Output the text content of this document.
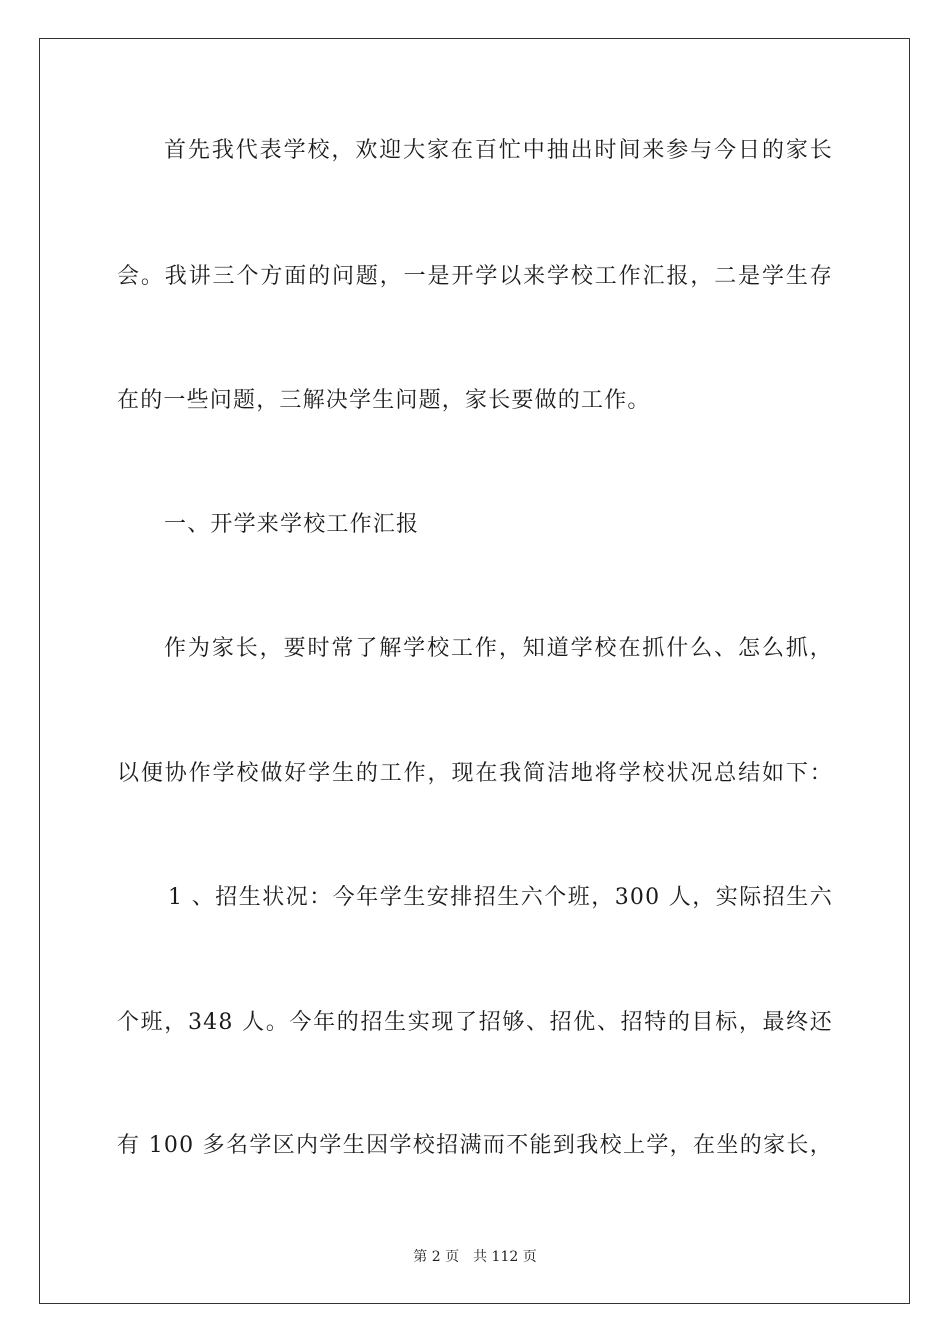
首先我代表学校，欢迎大家在百忙中抽出时间来参与今日的家长
会。我讲三个方面的问题，一是开学以来学校工作汇报，二是学生存
在的一些问题，三解决学生问题，家长要做的工作。
一、开学来学校工作汇报
作为家长，要时常了解学校工作，知道学校在抓什么、怎么抓，
以便协作学校做好学生的工作，现在我简洁地将学校状况总结如下：
1 、招生状况：今年学生安排招生六个班，300 人，实际招生六
个班，348 人。今年的招生实现了招够、招优、招特的目标，最终还
有 100 多名学区内学生因学校招满而不能到我校上学，在坐的家长，
第 2 页 共 112 页
